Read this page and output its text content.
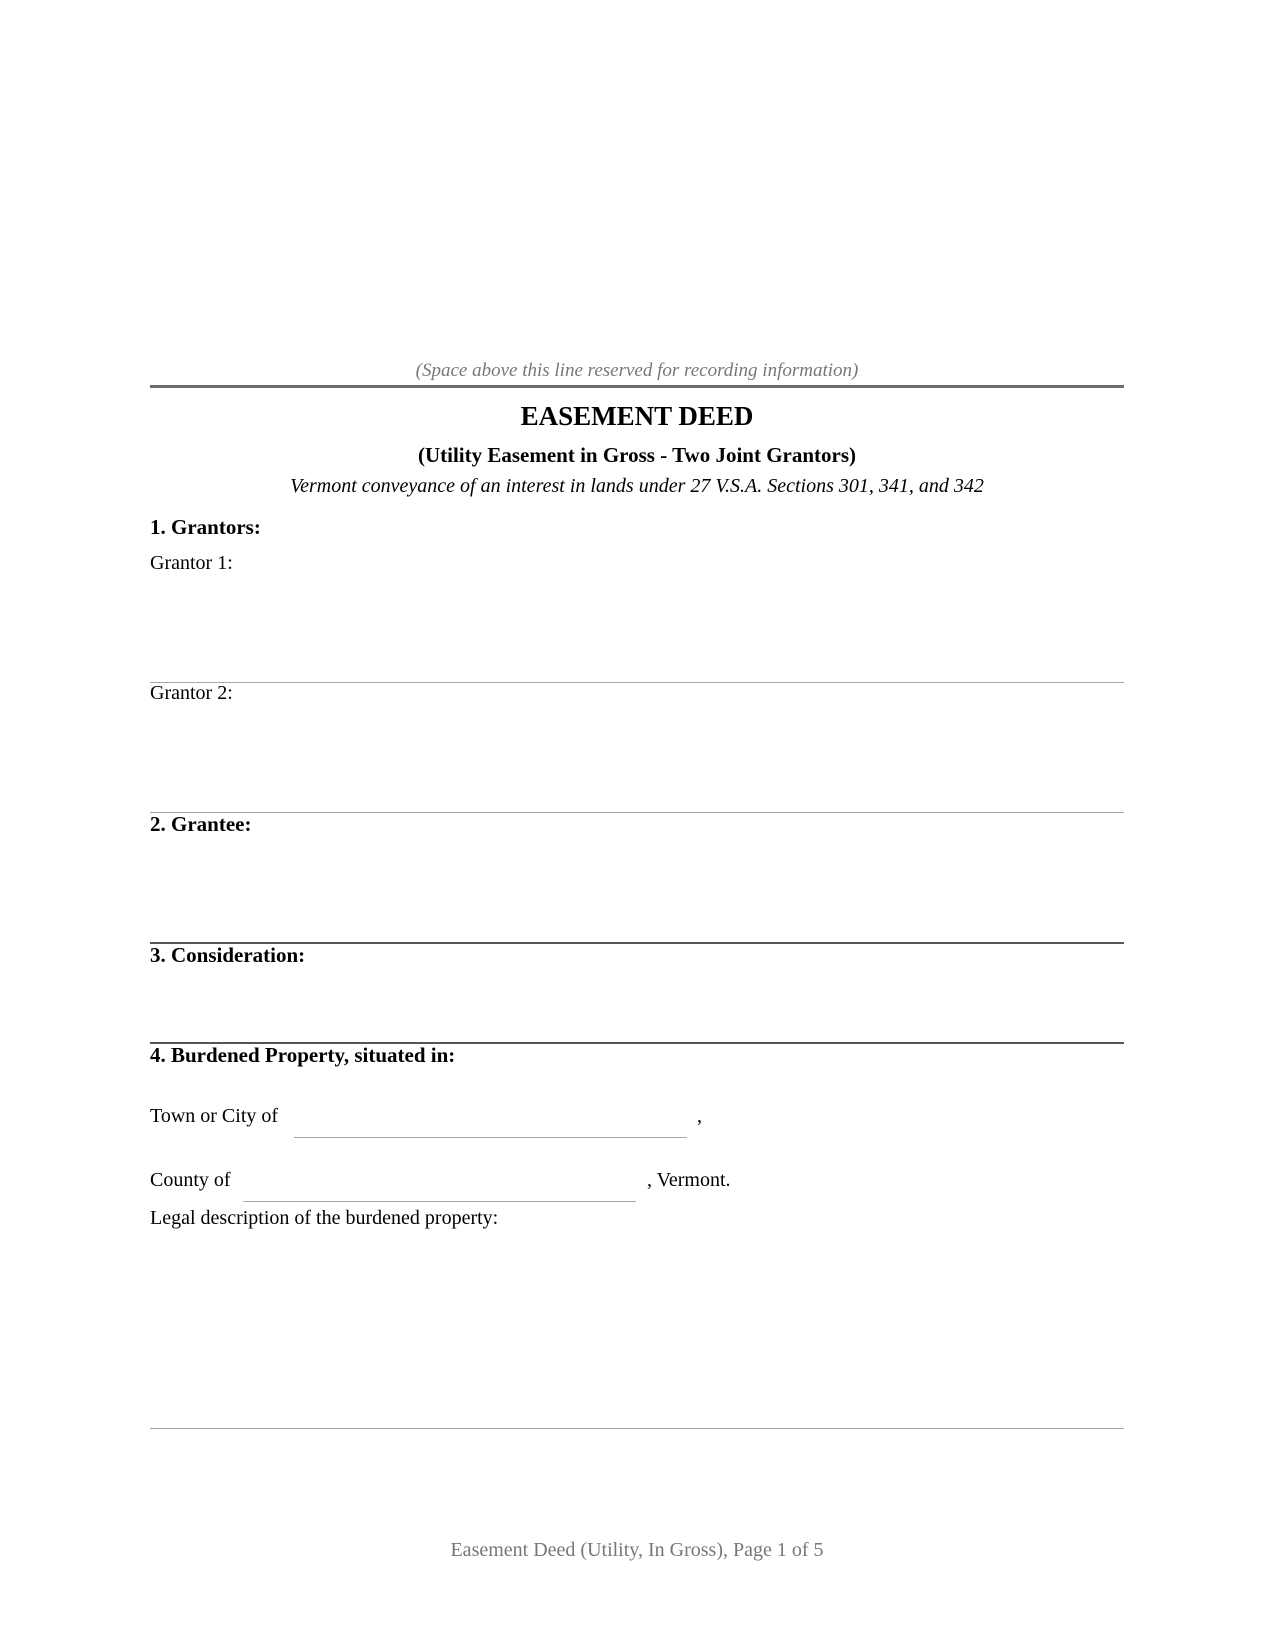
(Space above this line reserved for recording information)
EASEMENT DEED
(Utility Easement in Gross - Two Joint Grantors)
Vermont conveyance of an interest in lands under 27 V.S.A. Sections 301, 341, and 342
1. Grantors:
Grantor 1:
Grantor 2:
2. Grantee:
3. Consideration:
4. Burdened Property, situated in:
Town or City of	,
County of	, Vermont.
Legal description of the burdened property:
Easement Deed (Utility, In Gross), Page 1 of 5
